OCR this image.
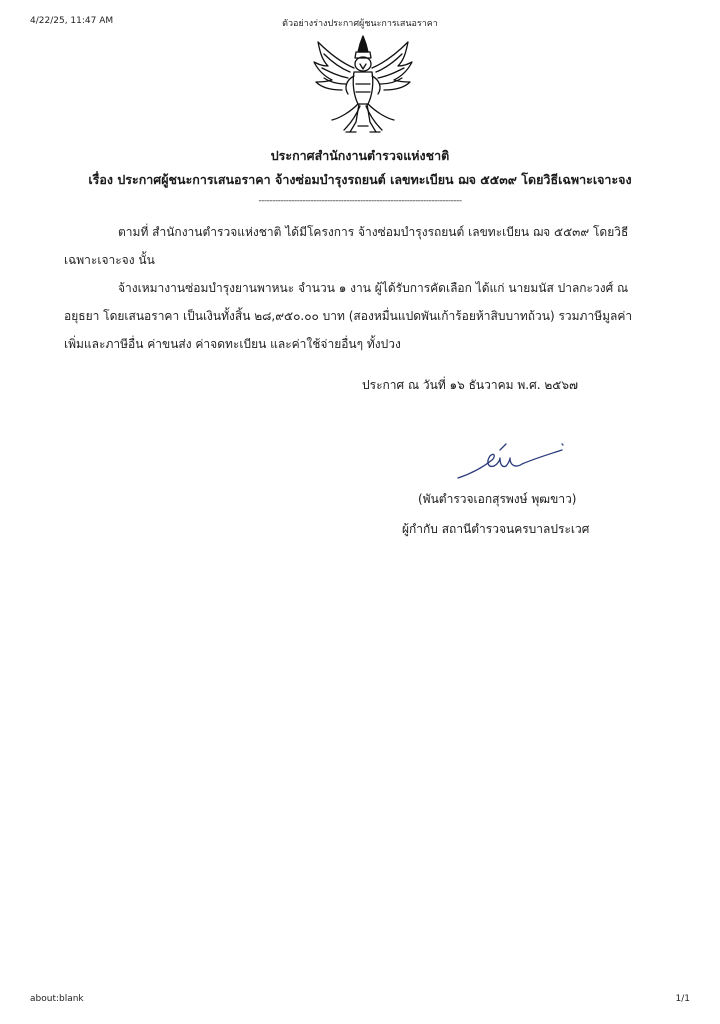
4/22/25, 11:47 AM	ตัวอย่างร่างประกาศผู้ชนะการเสนอราคา
ประกาศสำนักงานตำรวจแห่งชาติ
เรื่อง ประกาศผู้ชนะการเสนอราคา จ้างซ่อมบำรุงรถยนต์ เลขทะเบียน ฌจ ๕๕๓๙ โดยวิธีเฉพาะเจาะจง
--------------------------------------------------------------------------
ตามที่ สำนักงานตำรวจแห่งชาติ ได้มีโครงการ จ้างซ่อมบำรุงรถยนต์ เลขทะเบียน ฌจ ๕๕๓๙ โดยวิธีเฉพาะเจาะจง นั้น
จ้างเหมางานซ่อมบำรุงยานพาหนะ จำนวน ๑ งาน ผู้ได้รับการคัดเลือก ได้แก่ นายมนัส ปาลกะวงศ์ ณ อยุธยา โดยเสนอราคา เป็นเงินทั้งสิ้น ๒๘,๙๕๐.๐๐ บาท (สองหมื่นแปดพันเก้าร้อยห้าสิบบาทถ้วน) รวมภาษีมูลค่าเพิ่มและภาษีอื่น ค่าขนส่ง ค่าจดทะเบียน และค่าใช้จ่ายอื่นๆ ทั้งปวง
ประกาศ ณ วันที่ ๑๖ ธันวาคม พ.ศ. ๒๕๖๗
(พันตำรวจเอกสุรพงษ์ พุฒขาว)
ผู้กำกับ สถานีตำรวจนครบาลประเวศ
about:blank	1/1
